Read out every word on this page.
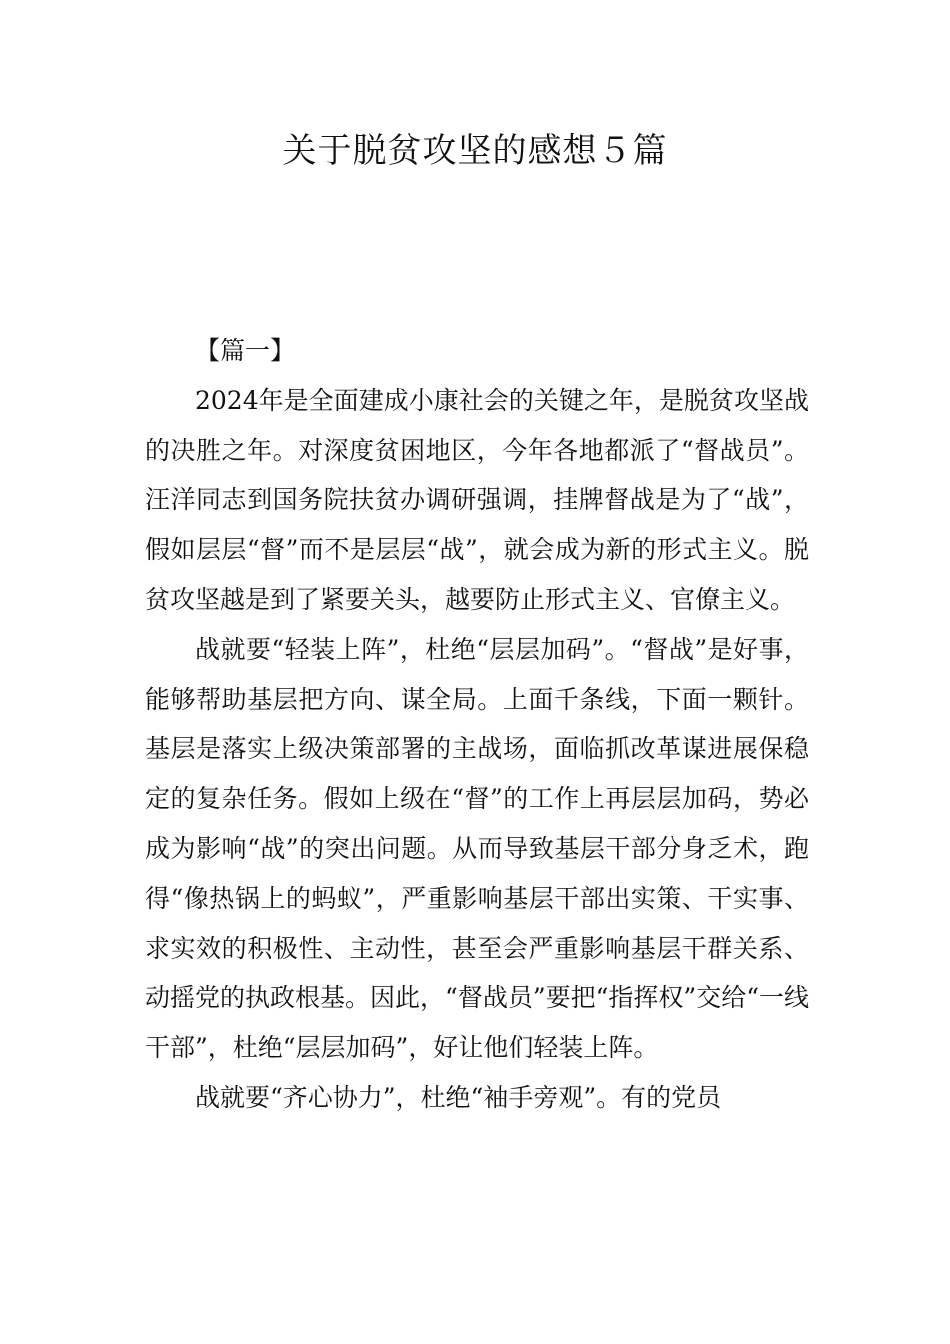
关于脱贫攻坚的感想５篇

【篇一】

2024年是全面建成小康社会的关键之年，是脱贫攻坚战的决胜之年。对深度贫困地区，今年各地都派了“督战员”。汪洋同志到国务院扶贫办调研强调，挂牌督战是为了“战”，假如层层“督”而不是层层“战”，就会成为新的形式主义。脱贫攻坚越是到了紧要关头，越要防止形式主义、官僚主义。

战就要“轻装上阵”，杜绝“层层加码”。“督战”是好事，能够帮助基层把方向、谋全局。上面千条线，下面一颗针。基层是落实上级决策部署的主战场，面临抓改革谋进展保稳定的复杂任务。假如上级在“督”的工作上再层层加码，势必成为影响“战”的突出问题。从而导致基层干部分身乏术，跑得“像热锅上的蚂蚁”，严重影响基层干部出实策、干实事、求实效的积极性、主动性，甚至会严重影响基层干群关系、动摇党的执政根基。因此，“督战员”要把“指挥权”交给“一线干部”，杜绝“层层加码”，好让他们轻装上阵。

战就要“齐心协力”，杜绝“袖手旁观”。有的党员
